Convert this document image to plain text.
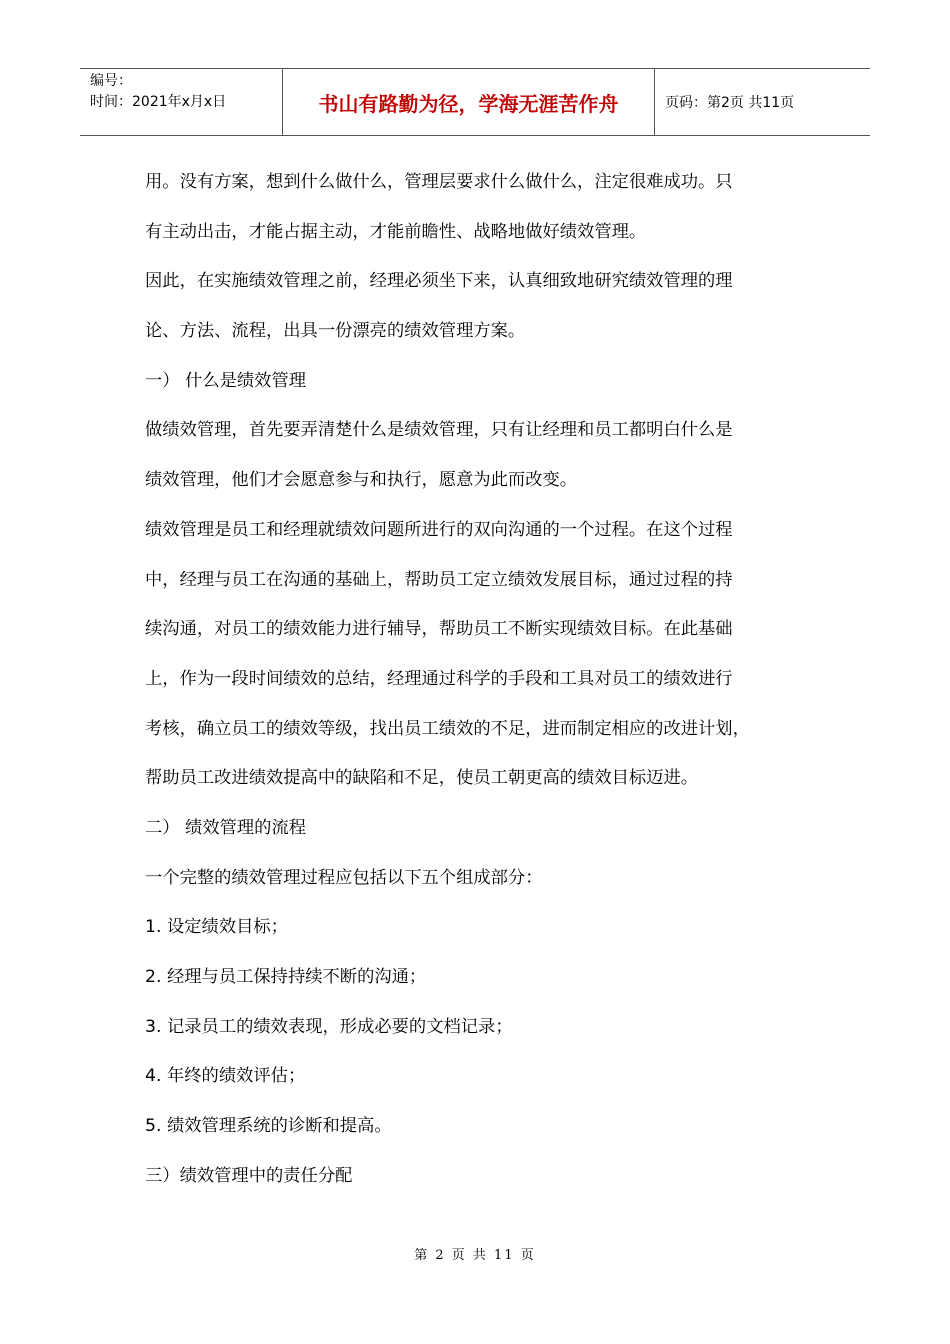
编号：
时间：2021年x月x日	书山有路勤为径，学海无涯苦作舟	页码：第2页 共11页
用。没有方案，想到什么做什么，管理层要求什么做什么，注定很难成功。只
有主动出击，才能占据主动，才能前瞻性、战略地做好绩效管理。
因此，在实施绩效管理之前，经理必须坐下来，认真细致地研究绩效管理的理
论、方法、流程，出具一份漂亮的绩效管理方案。
一） 什么是绩效管理
做绩效管理，首先要弄清楚什么是绩效管理，只有让经理和员工都明白什么是
绩效管理，他们才会愿意参与和执行，愿意为此而改变。
绩效管理是员工和经理就绩效问题所进行的双向沟通的一个过程。在这个过程
中，经理与员工在沟通的基础上，帮助员工定立绩效发展目标，通过过程的持
续沟通，对员工的绩效能力进行辅导，帮助员工不断实现绩效目标。在此基础
上，作为一段时间绩效的总结，经理通过科学的手段和工具对员工的绩效进行
考核，确立员工的绩效等级，找出员工绩效的不足，进而制定相应的改进计划，
帮助员工改进绩效提高中的缺陷和不足，使员工朝更高的绩效目标迈进。
二） 绩效管理的流程
一个完整的绩效管理过程应包括以下五个组成部分：
1. 设定绩效目标；
2. 经理与员工保持持续不断的沟通；
3. 记录员工的绩效表现，形成必要的文档记录；
4. 年终的绩效评估；
5. 绩效管理系统的诊断和提高。
三）绩效管理中的责任分配
第 2 页 共 11 页
